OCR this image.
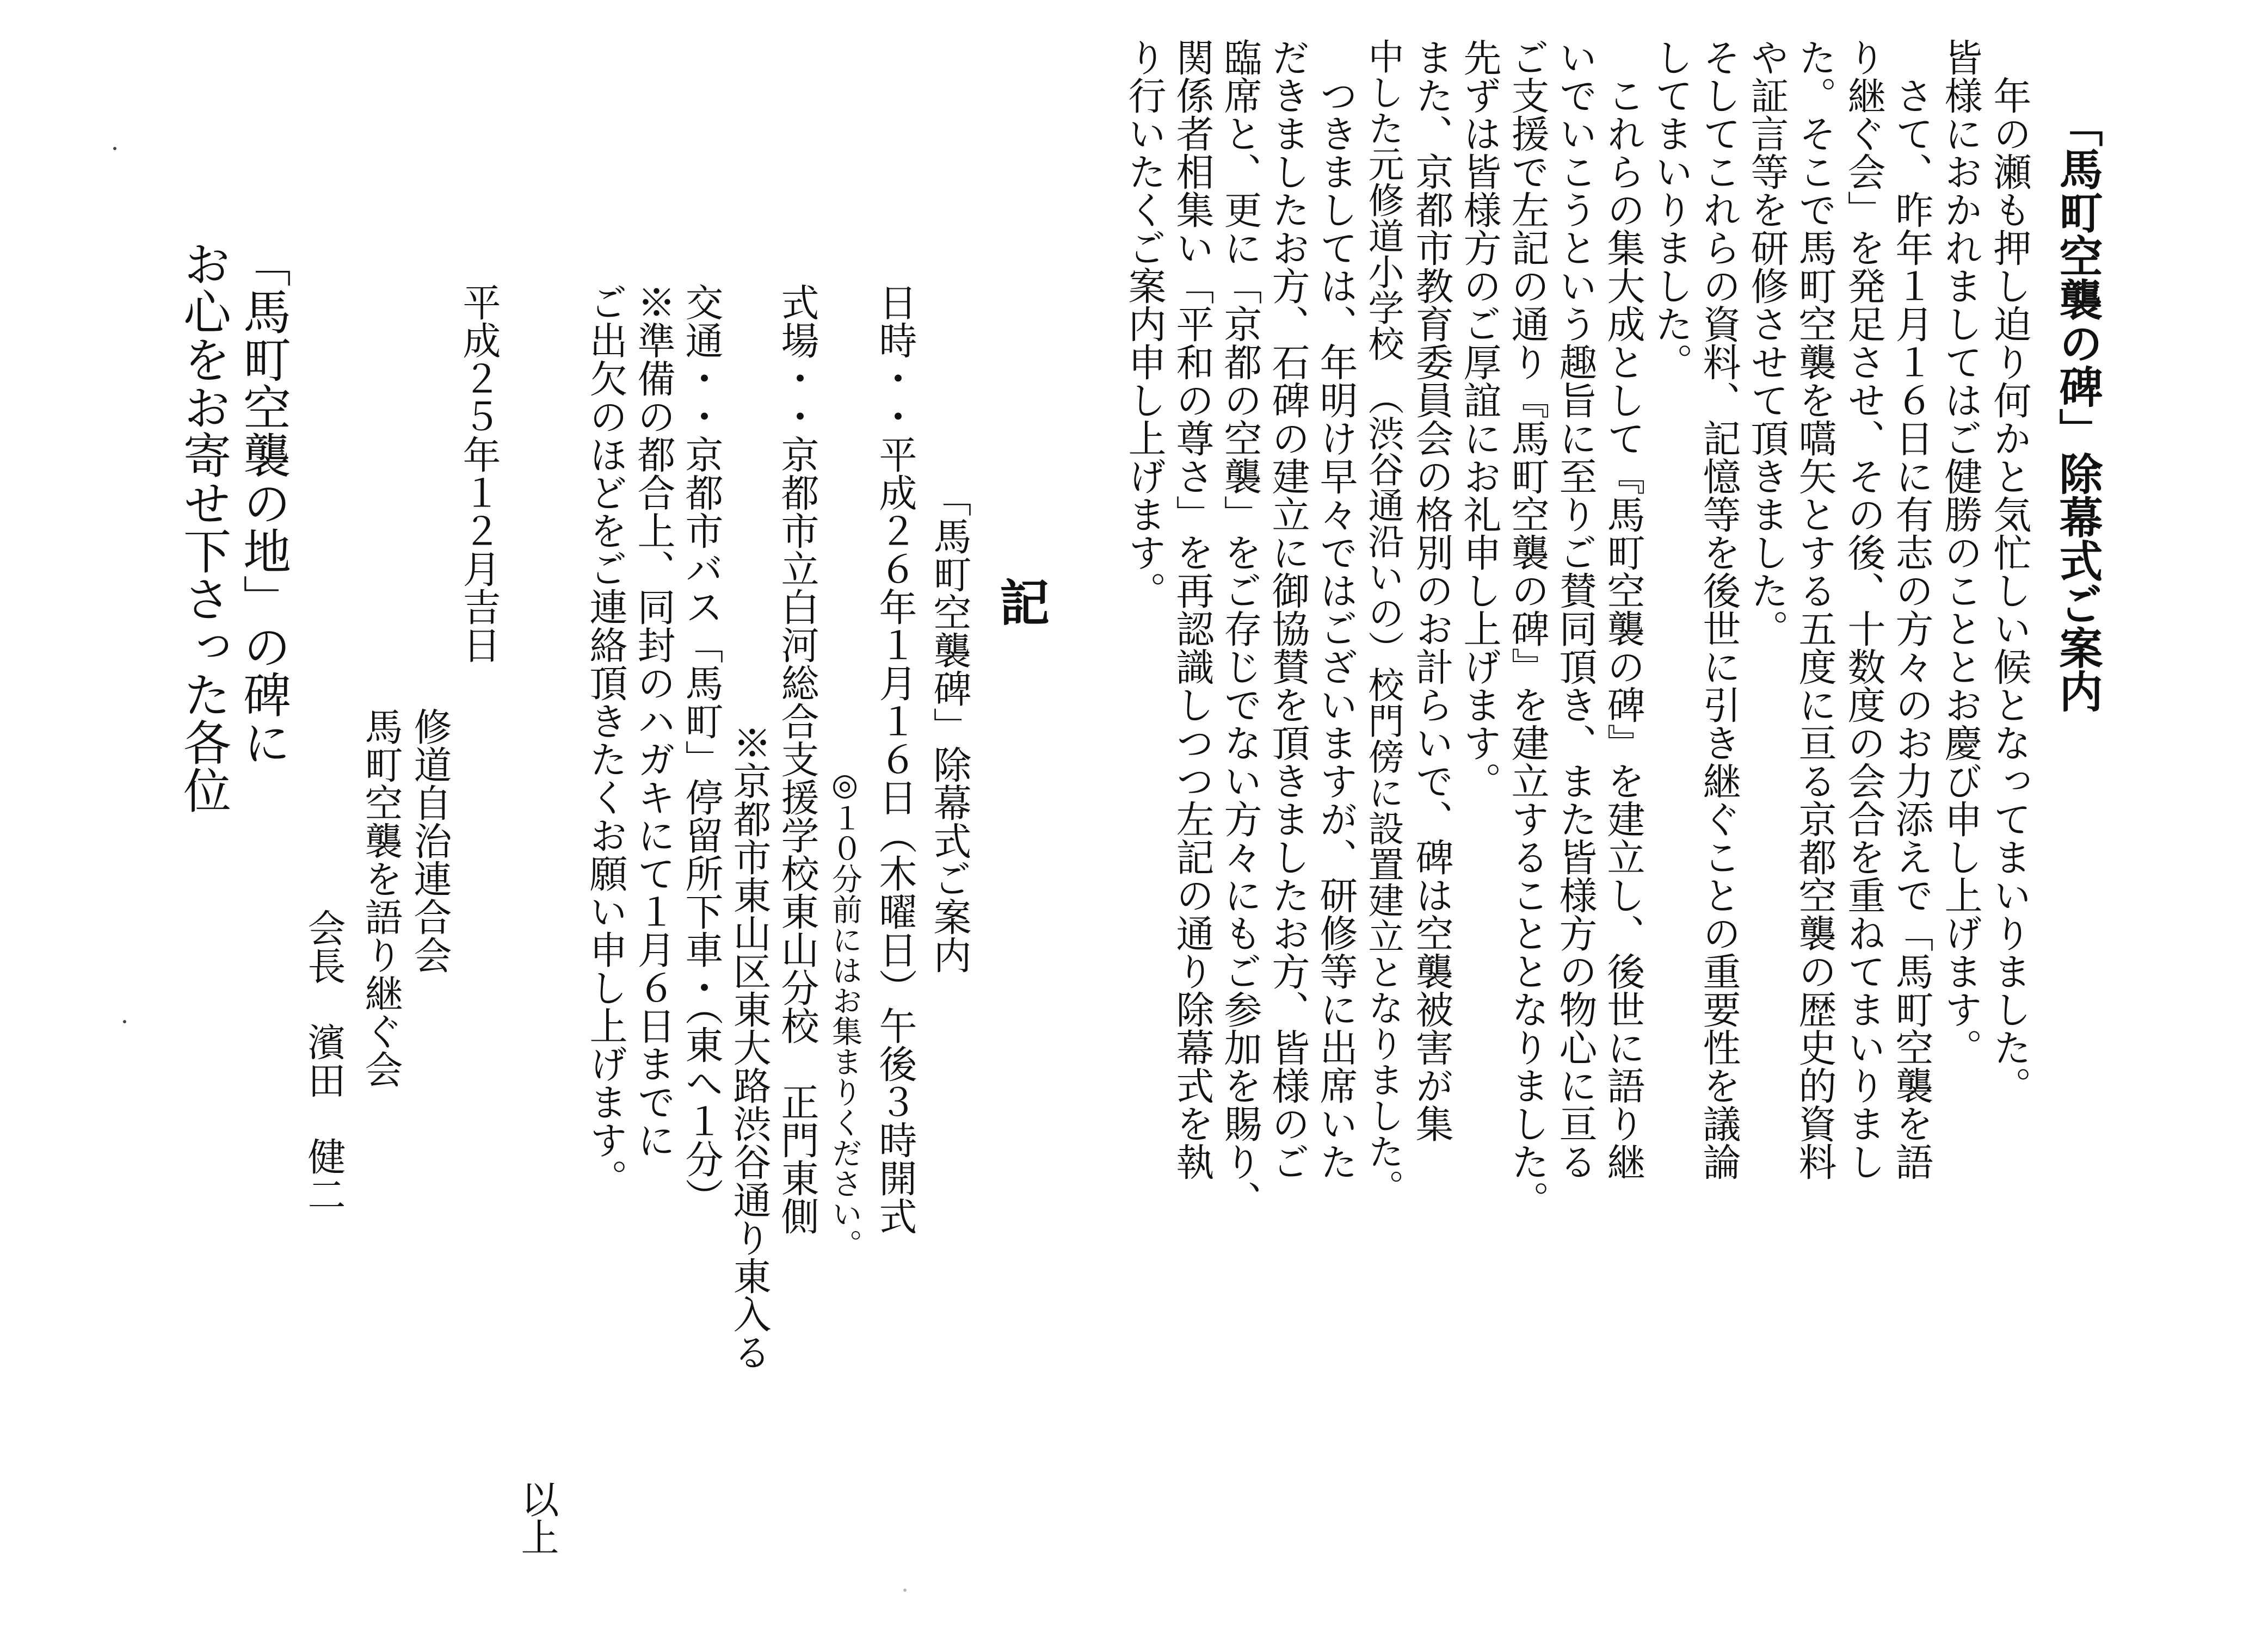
「馬町空襲の碑」除幕式ご案内

　年の瀬も押し迫り何かと気忙しい候となってまいりました。

皆様におかれましてはご健勝のこととお慶び申し上げます。

　さて、昨年１月１６日に有志の方々のお力添えで「馬町空襲を語

り継ぐ会」を発足させ、その後、十数度の会合を重ねてまいりまし

た。そこで馬町空襲を嚆矢とする五度に亘る京都空襲の歴史的資料

や証言等を研修させて頂きました。

そしてこれらの資料、記憶等を後世に引き継ぐことの重要性を議論

してまいりました。

　これらの集大成として『馬町空襲の碑』を建立し、後世に語り継

いでいこうという趣旨に至りご賛同頂き、また皆様方の物心に亘る

ご支援で左記の通り『馬町空襲の碑』を建立することとなりました。

先ずは皆様方のご厚誼にお礼申し上げます。

また、京都市教育委員会の格別のお計らいで、碑は空襲被害が集

中した元修道小学校　（渋谷通沿いの）校門傍に設置建立となりました。

　つきましては、年明け早々ではございますが、研修等に出席いた

だきましたお方、石碑の建立に御協賛を頂きましたお方、皆様のご

臨席と、更に「京都の空襲」をご存じでない方々にもご参加を賜り、

関係者相集い「平和の尊さ」を再認識しつつ左記の通り除幕式を執

り行いたくご案内申し上げます。

記

「馬町空襲碑」除幕式ご案内

日時・・平成２６年１月１６日（木曜日）午後３時開式

◎１０分前にはお集まりください。

式場・・京都市立白河総合支援学校東山分校　正門東側

※京都市東山区東大路渋谷通り東入る

交通・・京都市バス「馬町」停留所下車・（東へ１分）

※準備の都合上、同封のハガキにて１月６日までに

ご出欠のほどをご連絡頂きたくお願い申し上げます。

以上

平成２５年１２月吉日

修道自治連合会

馬町空襲を語り継ぐ会

会長　濱田　健二

「馬町空襲の地」の碑に

お心をお寄せ下さった各位
